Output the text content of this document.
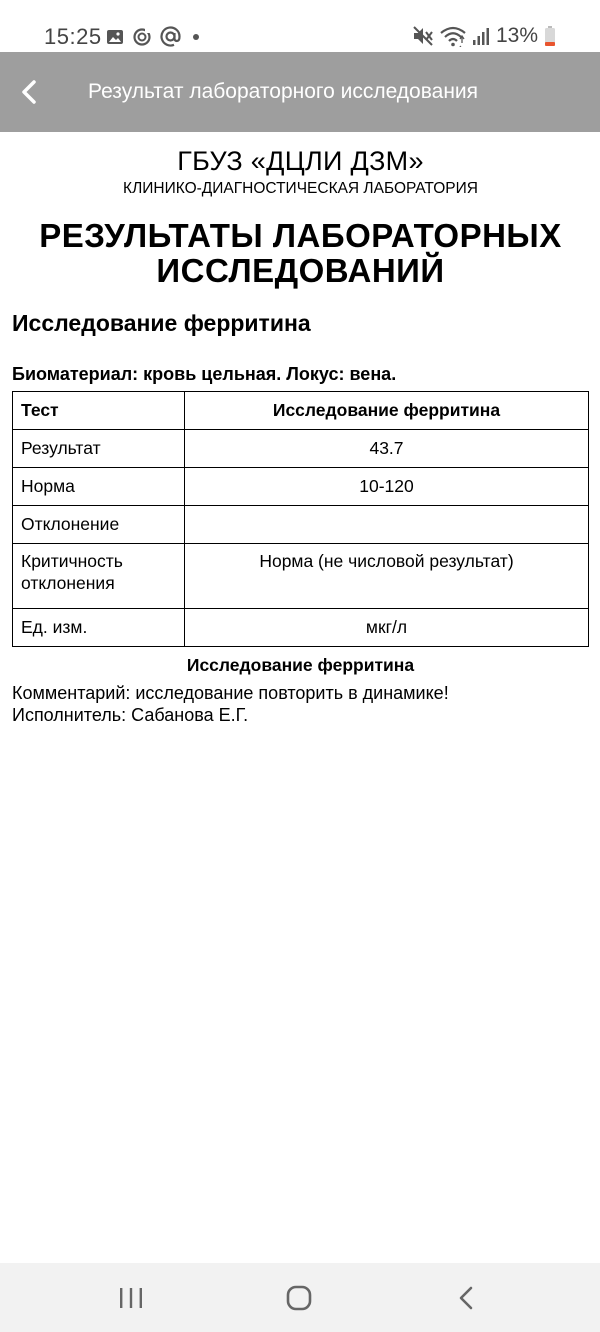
15:25	13%
Результат лабораторного исследования
ГБУЗ «ДЦЛИ ДЗМ»
КЛИНИКО-ДИАГНОСТИЧЕСКАЯ ЛАБОРАТОРИЯ
РЕЗУЛЬТАТЫ ЛАБОРАТОРНЫХ
ИССЛЕДОВАНИЙ
Исследование ферритина
Биоматериал: кровь цельная. Локус: вена.
Тест	Исследование ферритина
Результат	43.7
Норма	10-120
Отклонение	
Критичность отклонения	Норма (не числовой результат)
Ед. изм.	мкг/л
Исследование ферритина
Комментарий: исследование повторить в динамике!
Исполнитель: Сабанова Е.Г.
